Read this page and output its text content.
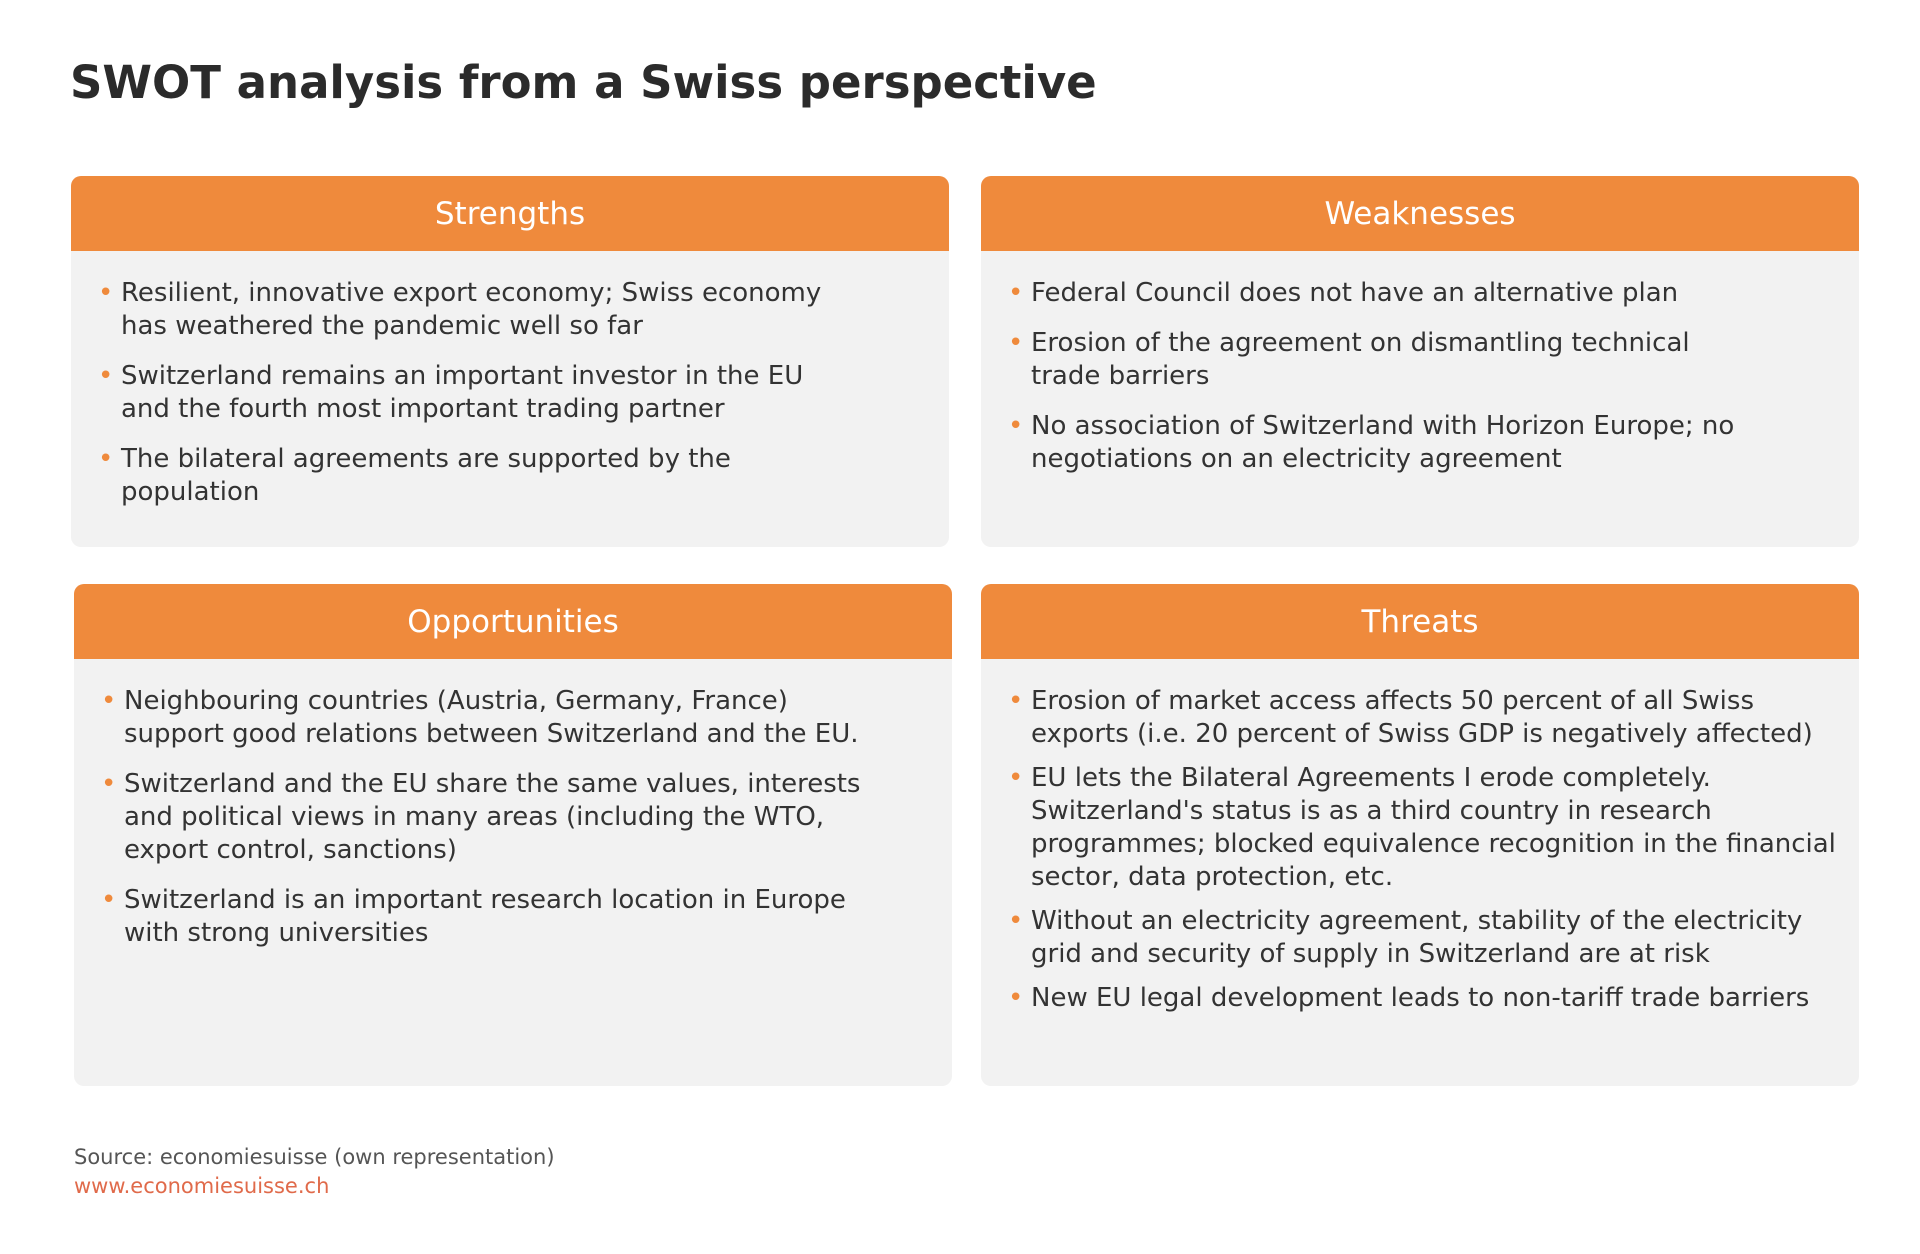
SWOT analysis from a Swiss perspective
Strengths
• Resilient, innovative export economy; Swiss economy has weathered the pandemic well so far
• Switzerland remains an important investor in the EU and the fourth most important trading partner
• The bilateral agreements are supported by the population
Weaknesses
• Federal Council does not have an alternative plan
• Erosion of the agreement on dismantling technical trade barriers
• No association of Switzerland with Horizon Europe; no negotiations on an electricity agreement
Opportunities
• Neighbouring countries (Austria, Germany, France) support good relations between Switzerland and the EU.
• Switzerland and the EU share the same values, interests and political views in many areas (including the WTO, export control, sanctions)
• Switzerland is an important research location in Europe with strong universities
Threats
• Erosion of market access affects 50 percent of all Swiss exports (i.e. 20 percent of Swiss GDP is negatively affected)
• EU lets the Bilateral Agreements I erode completely. Switzerland's status is as a third country in research programmes; blocked equivalence recognition in the financial sector, data protection, etc.
• Without an electricity agreement, stability of the electricity grid and security of supply in Switzerland are at risk
• New EU legal development leads to non-tariff trade barriers
Source: economiesuisse (own representation)
www.economiesuisse.ch
